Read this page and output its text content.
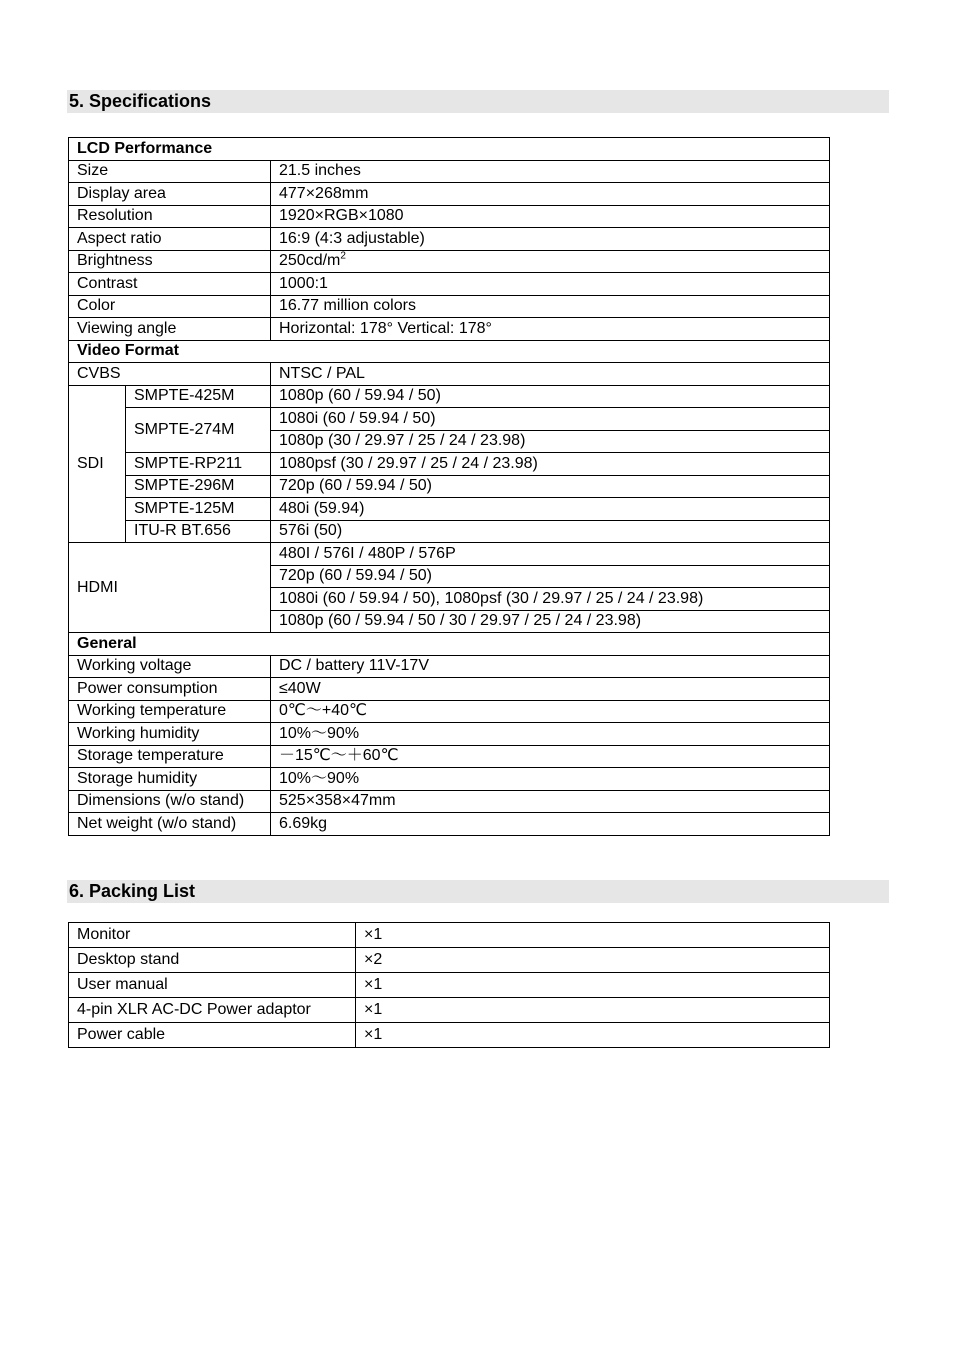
5. Specifications
LCD Performance		
Size		21.5 inches
Display area		477×268mm
Resolution		1920×RGB×1080
Aspect ratio		16:9 (4:3 adjustable)
Brightness		$250cd/m^2$
Contrast		1000:1
Color		16.77 million colors
Viewing angle		Horizontal: 178° Vertical: 178°
Video Format		
CVBS		NTSC / PAL
SDI	SMPTE-425M	1080p (60 / 59.94 / 50)
	SMPTE-274M	1080i (60 / 59.94 / 50)
		1080p (30 / 29.97 / 25 / 24 / 23.98)
	SMPTE-RP211	1080psf (30 / 29.97 / 25 / 24 / 23.98)
	SMPTE-296M	720p (60 / 59.94 / 50)
	SMPTE-125M	480i (59.94)
	ITU-R BT.656	576i (50)
HDMI		480I / 576I / 480P / 576P
		720p (60 / 59.94 / 50)
		1080i (60 / 59.94 / 50), 1080psf (30 / 29.97 / 25 / 24 / 23.98)
		1080p (60 / 59.94 / 50 / 30 / 29.97 / 25 / 24 / 23.98)
General		
Working voltage		DC / battery 11V-17V
Power consumption		≤40W
Working temperature		0℃～+40℃
Working humidity		10%～90%
Storage temperature		－15℃～＋60℃
Storage humidity		10%～90%
Dimensions (w/o stand)		525×358×47mm
Net weight (w/o stand)		6.69kg
6. Packing List
Monitor	×1
Desktop stand	×2
User manual	×1
4-pin XLR AC-DC Power adaptor	×1
Power cable	×1
